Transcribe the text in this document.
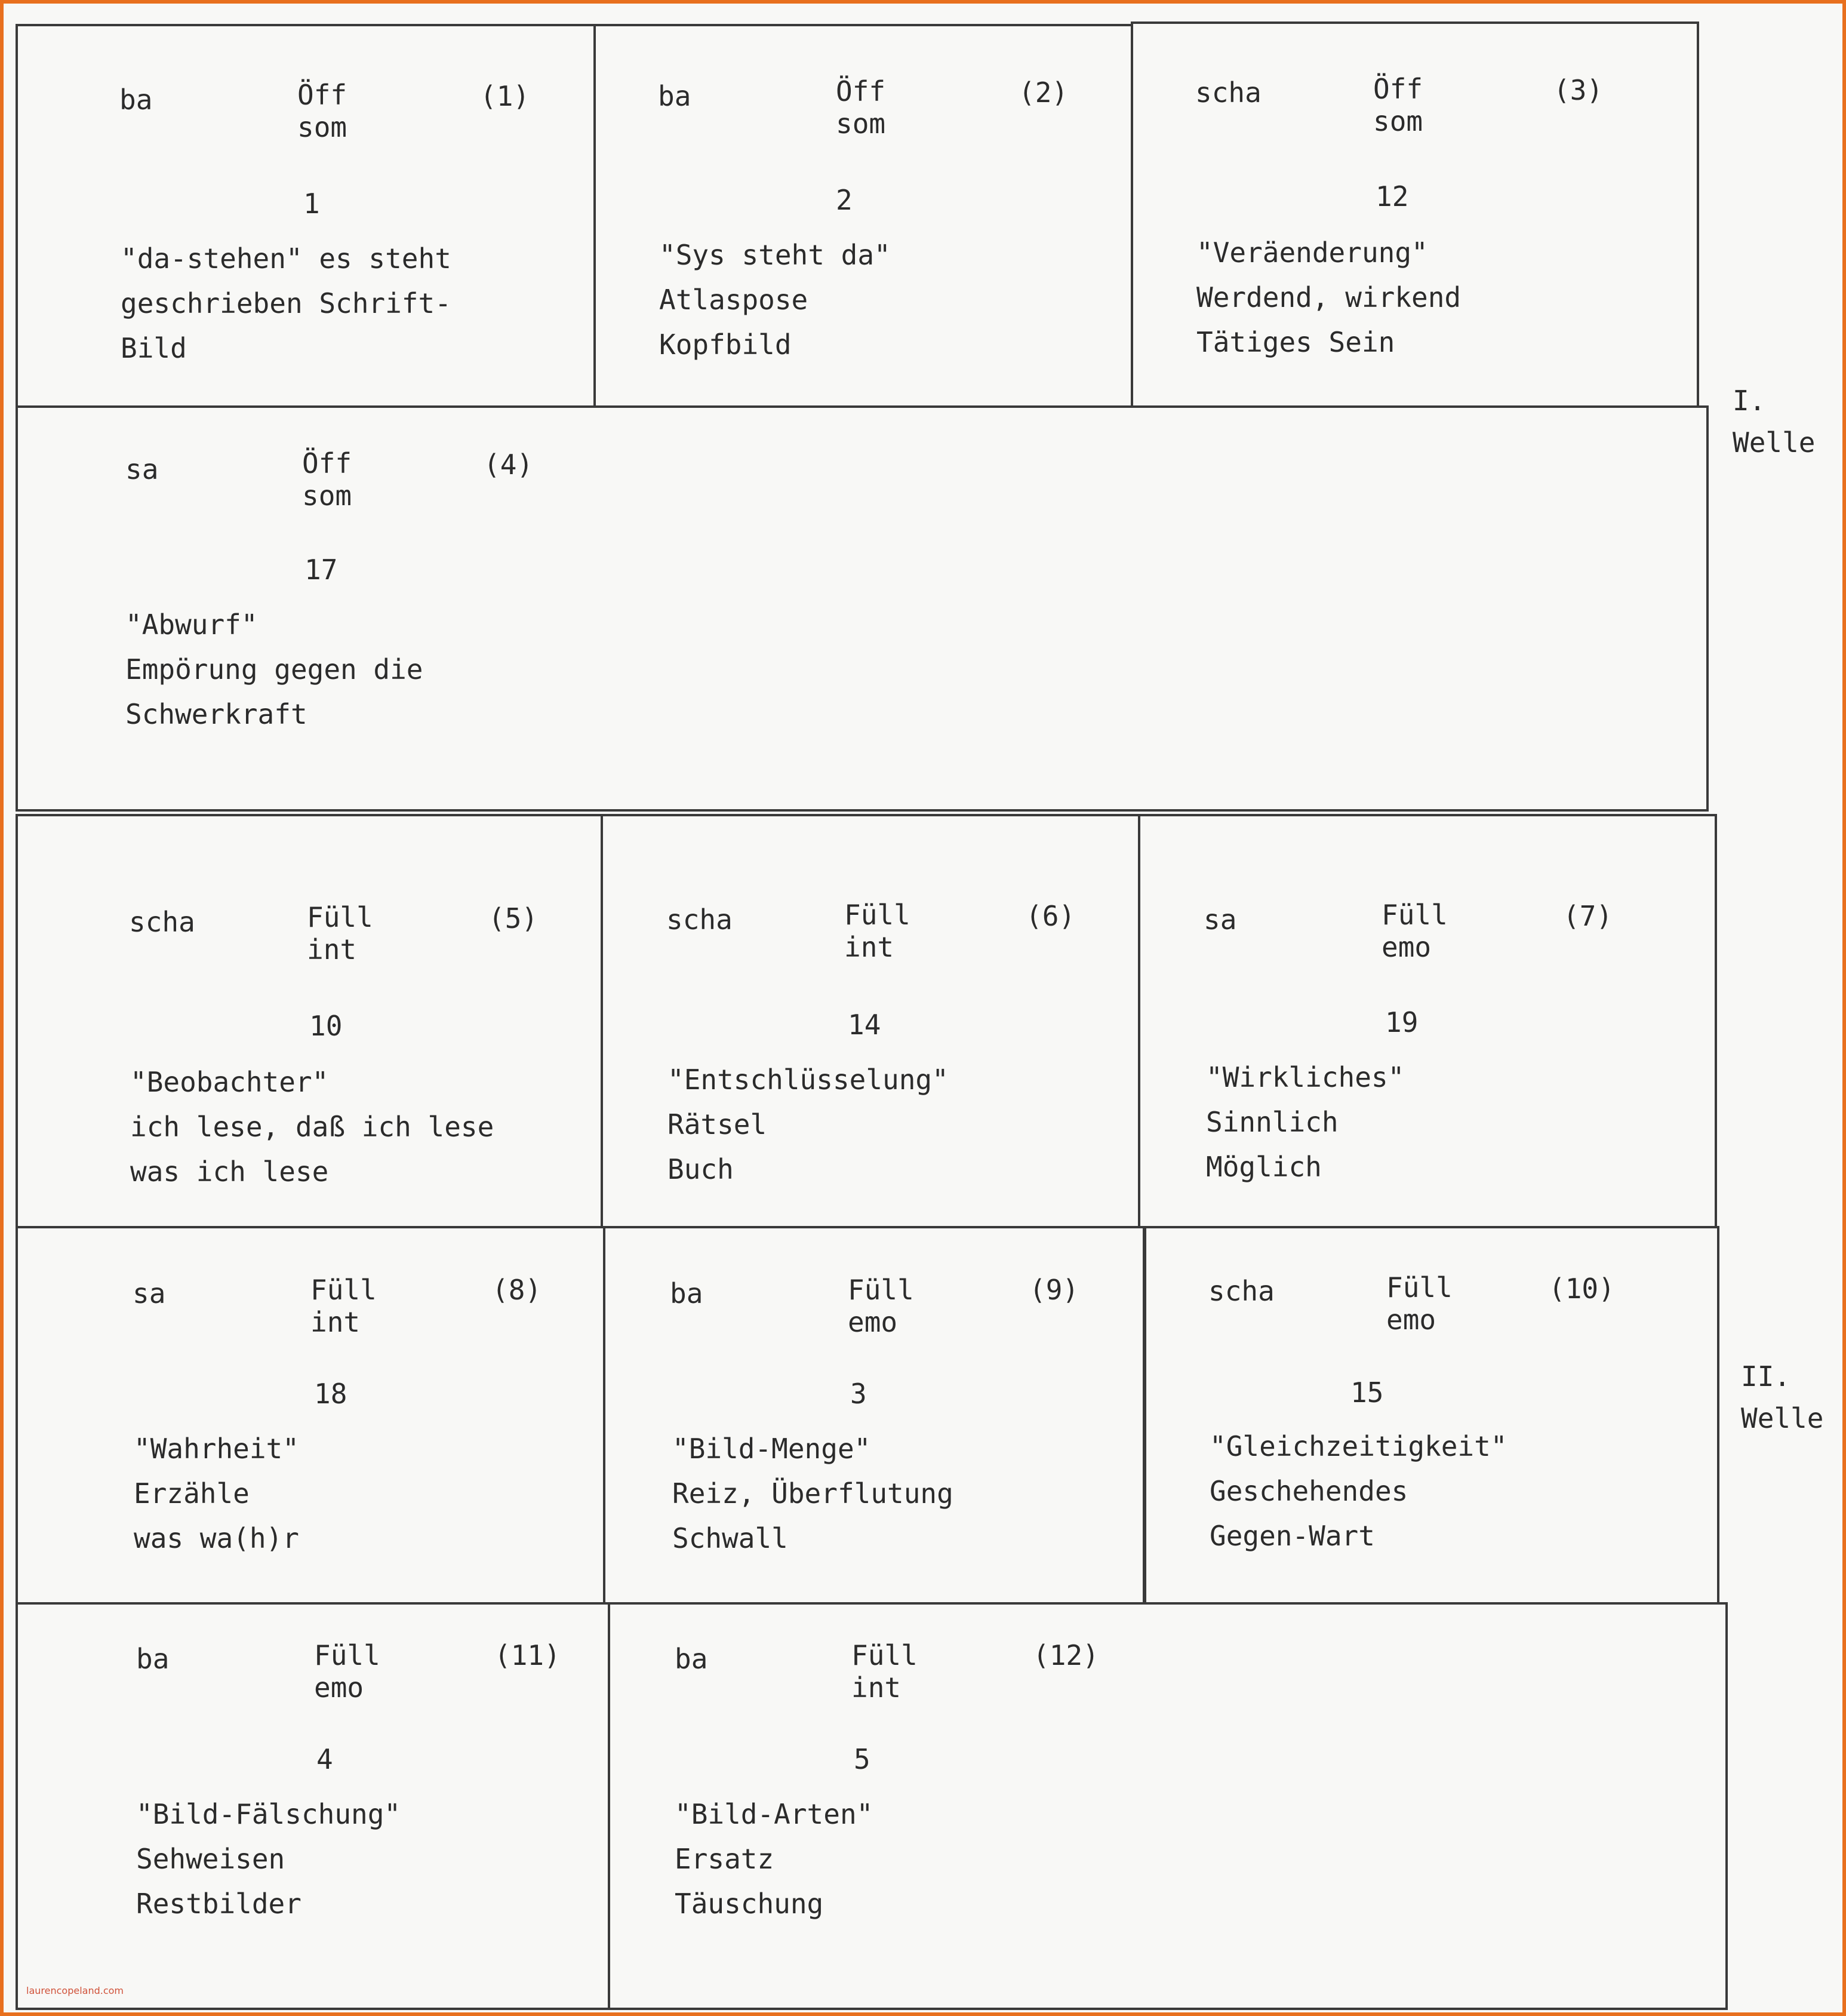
ba	Öff
som
(1)
1
"da-stehen" es steht
geschrieben Schrift-
Bild
ba	Öff
som
(2)
2
"Sys steht da"
Atlaspose
Kopfbild
scha	Öff
som
(3)
12
"Veräenderung"
Werdend, wirkend
Tätiges Sein
sa	Öff
som
(4)
17
"Abwurf"
Empörung gegen die
Schwerkraft
scha	Füll
int
(5)
10
"Beobachter"
ich lese, daß ich lese
was ich lese
scha	Füll
int
(6)
14
"Entschlüsselung"
Rätsel
Buch
sa	Füll
emo
(7)
19
"Wirkliches"
Sinnlich
Möglich
sa	Füll
int
(8)
18
"Wahrheit"
Erzähle
was wa(h)r
ba	Füll
emo
(9)
3
"Bild-Menge"
Reiz, Überflutung
Schwall
scha	Füll
emo
(10)
15
"Gleichzeitigkeit"
Geschehendes
Gegen-Wart
ba	Füll
emo
(11)
4
"Bild-Fälschung"
Sehweisen
Restbilder
ba	Füll
int
(12)
5
"Bild-Arten"
Ersatz
Täuschung
I.
Welle
II.
Welle
laurencopeland.com
